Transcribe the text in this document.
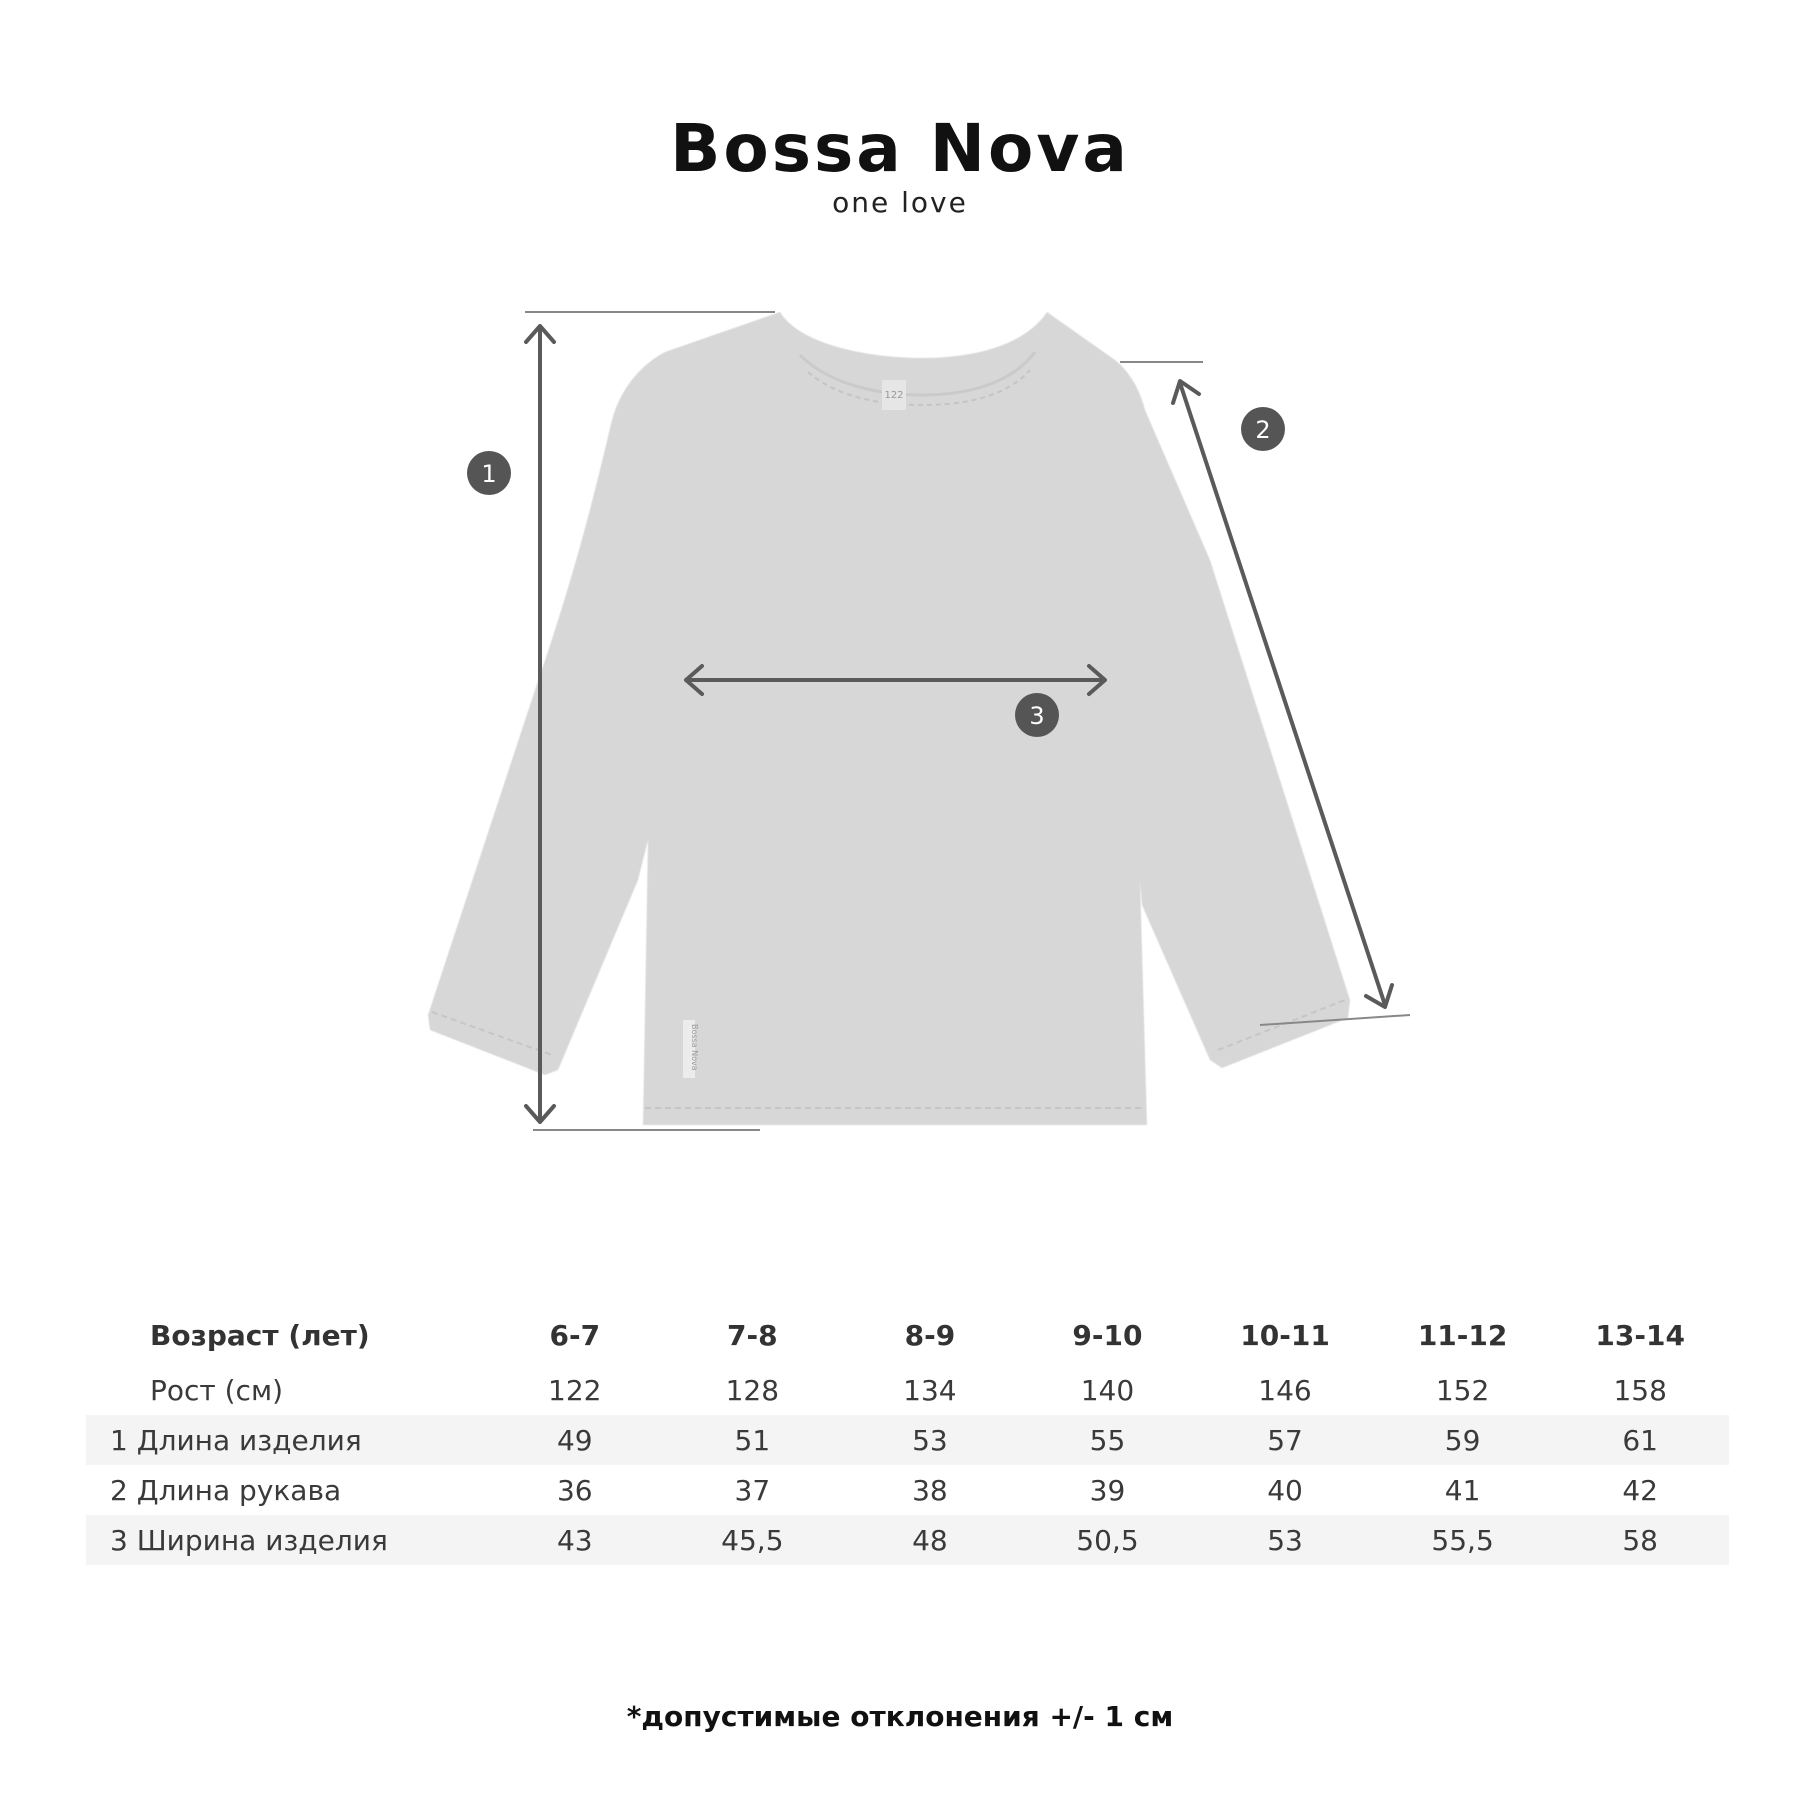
Bossa Nova
one love
122
Bossa Nova
1
2
3
Возраст (лет)	6-7	7-8	8-9	9-10	10-11	11-12	13-14
Рост (см)	122	128	134	140	146	152	158
1 Длина изделия	49	51	53	55	57	59	61
2 Длина рукава	36	37	38	39	40	41	42
3 Ширина изделия	43	45,5	48	50,5	53	55,5	58
*допустимые отклонения +/- 1 см
